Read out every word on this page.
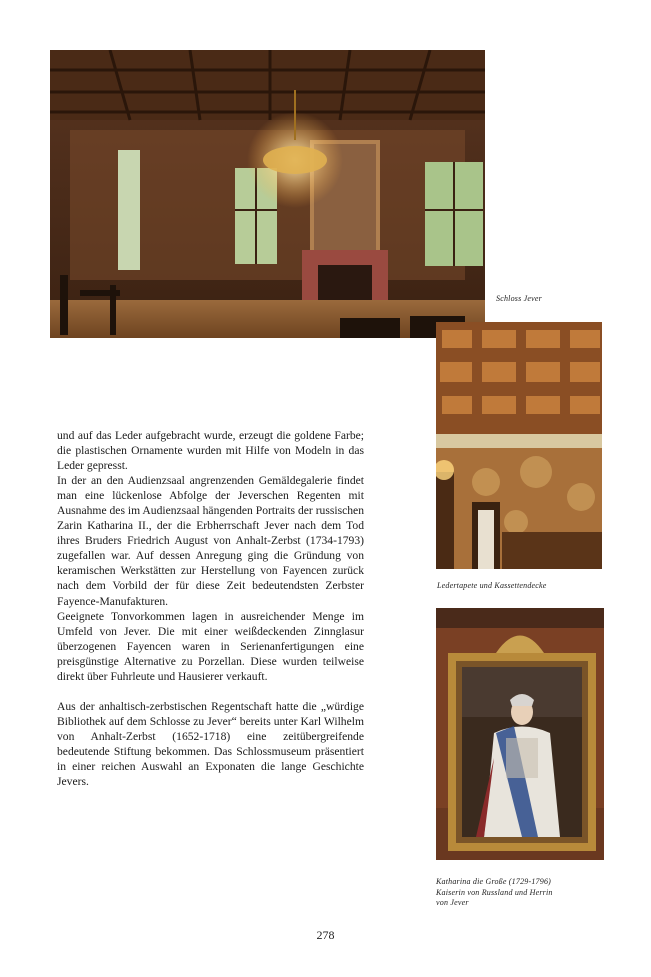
Schloss Jever
Ledertapete und Kassettendecke
Katharina die Große (1729-1796)
Kaiserin von Russland und Herrin
von Jever

und auf das Leder aufgebracht wurde, erzeugt die goldene Farbe; die plastischen Ornamente wurden mit Hilfe von Modeln in das Leder gepresst.

In der an den Audienzsaal angrenzenden Gemäldegalerie findet man eine lückenlose Abfolge der Jeverschen Regenten mit Ausnahme des im Audienzsaal hängenden Portraits der russischen Zarin Katharina II., der die Erbherrschaft Jever nach dem Tod ihres Bruders Friedrich August von Anhalt-Zerbst (1734-1793) zugefallen war. Auf dessen Anregung ging die Gründung von keramischen Werkstätten zur Herstellung von Fayencen zurück nach dem Vorbild der für diese Zeit bedeutendsten Zerbster Fayence-Manufakturen.

Geeignete Tonvorkommen lagen in ausreichender Menge im Umfeld von Jever. Die mit einer weißdeckenden Zinnglasur überzogenen Fayencen waren in Serienanfertigungen eine preisgünstige Alternative zu Porzellan. Diese wurden teilweise direkt über Fuhrleute und Hausierer verkauft.

Aus der anhaltisch-zerbstischen Regentschaft hatte die „würdige Bibliothek auf dem Schlosse zu Jever“ bereits unter Karl Wilhelm von Anhalt-Zerbst (1652-1718) eine zeitübergreifende bedeutende Stiftung bekommen. Das Schlossmuseum präsentiert in einer reichen Auswahl an Exponaten die lange Geschichte Jevers.

278
